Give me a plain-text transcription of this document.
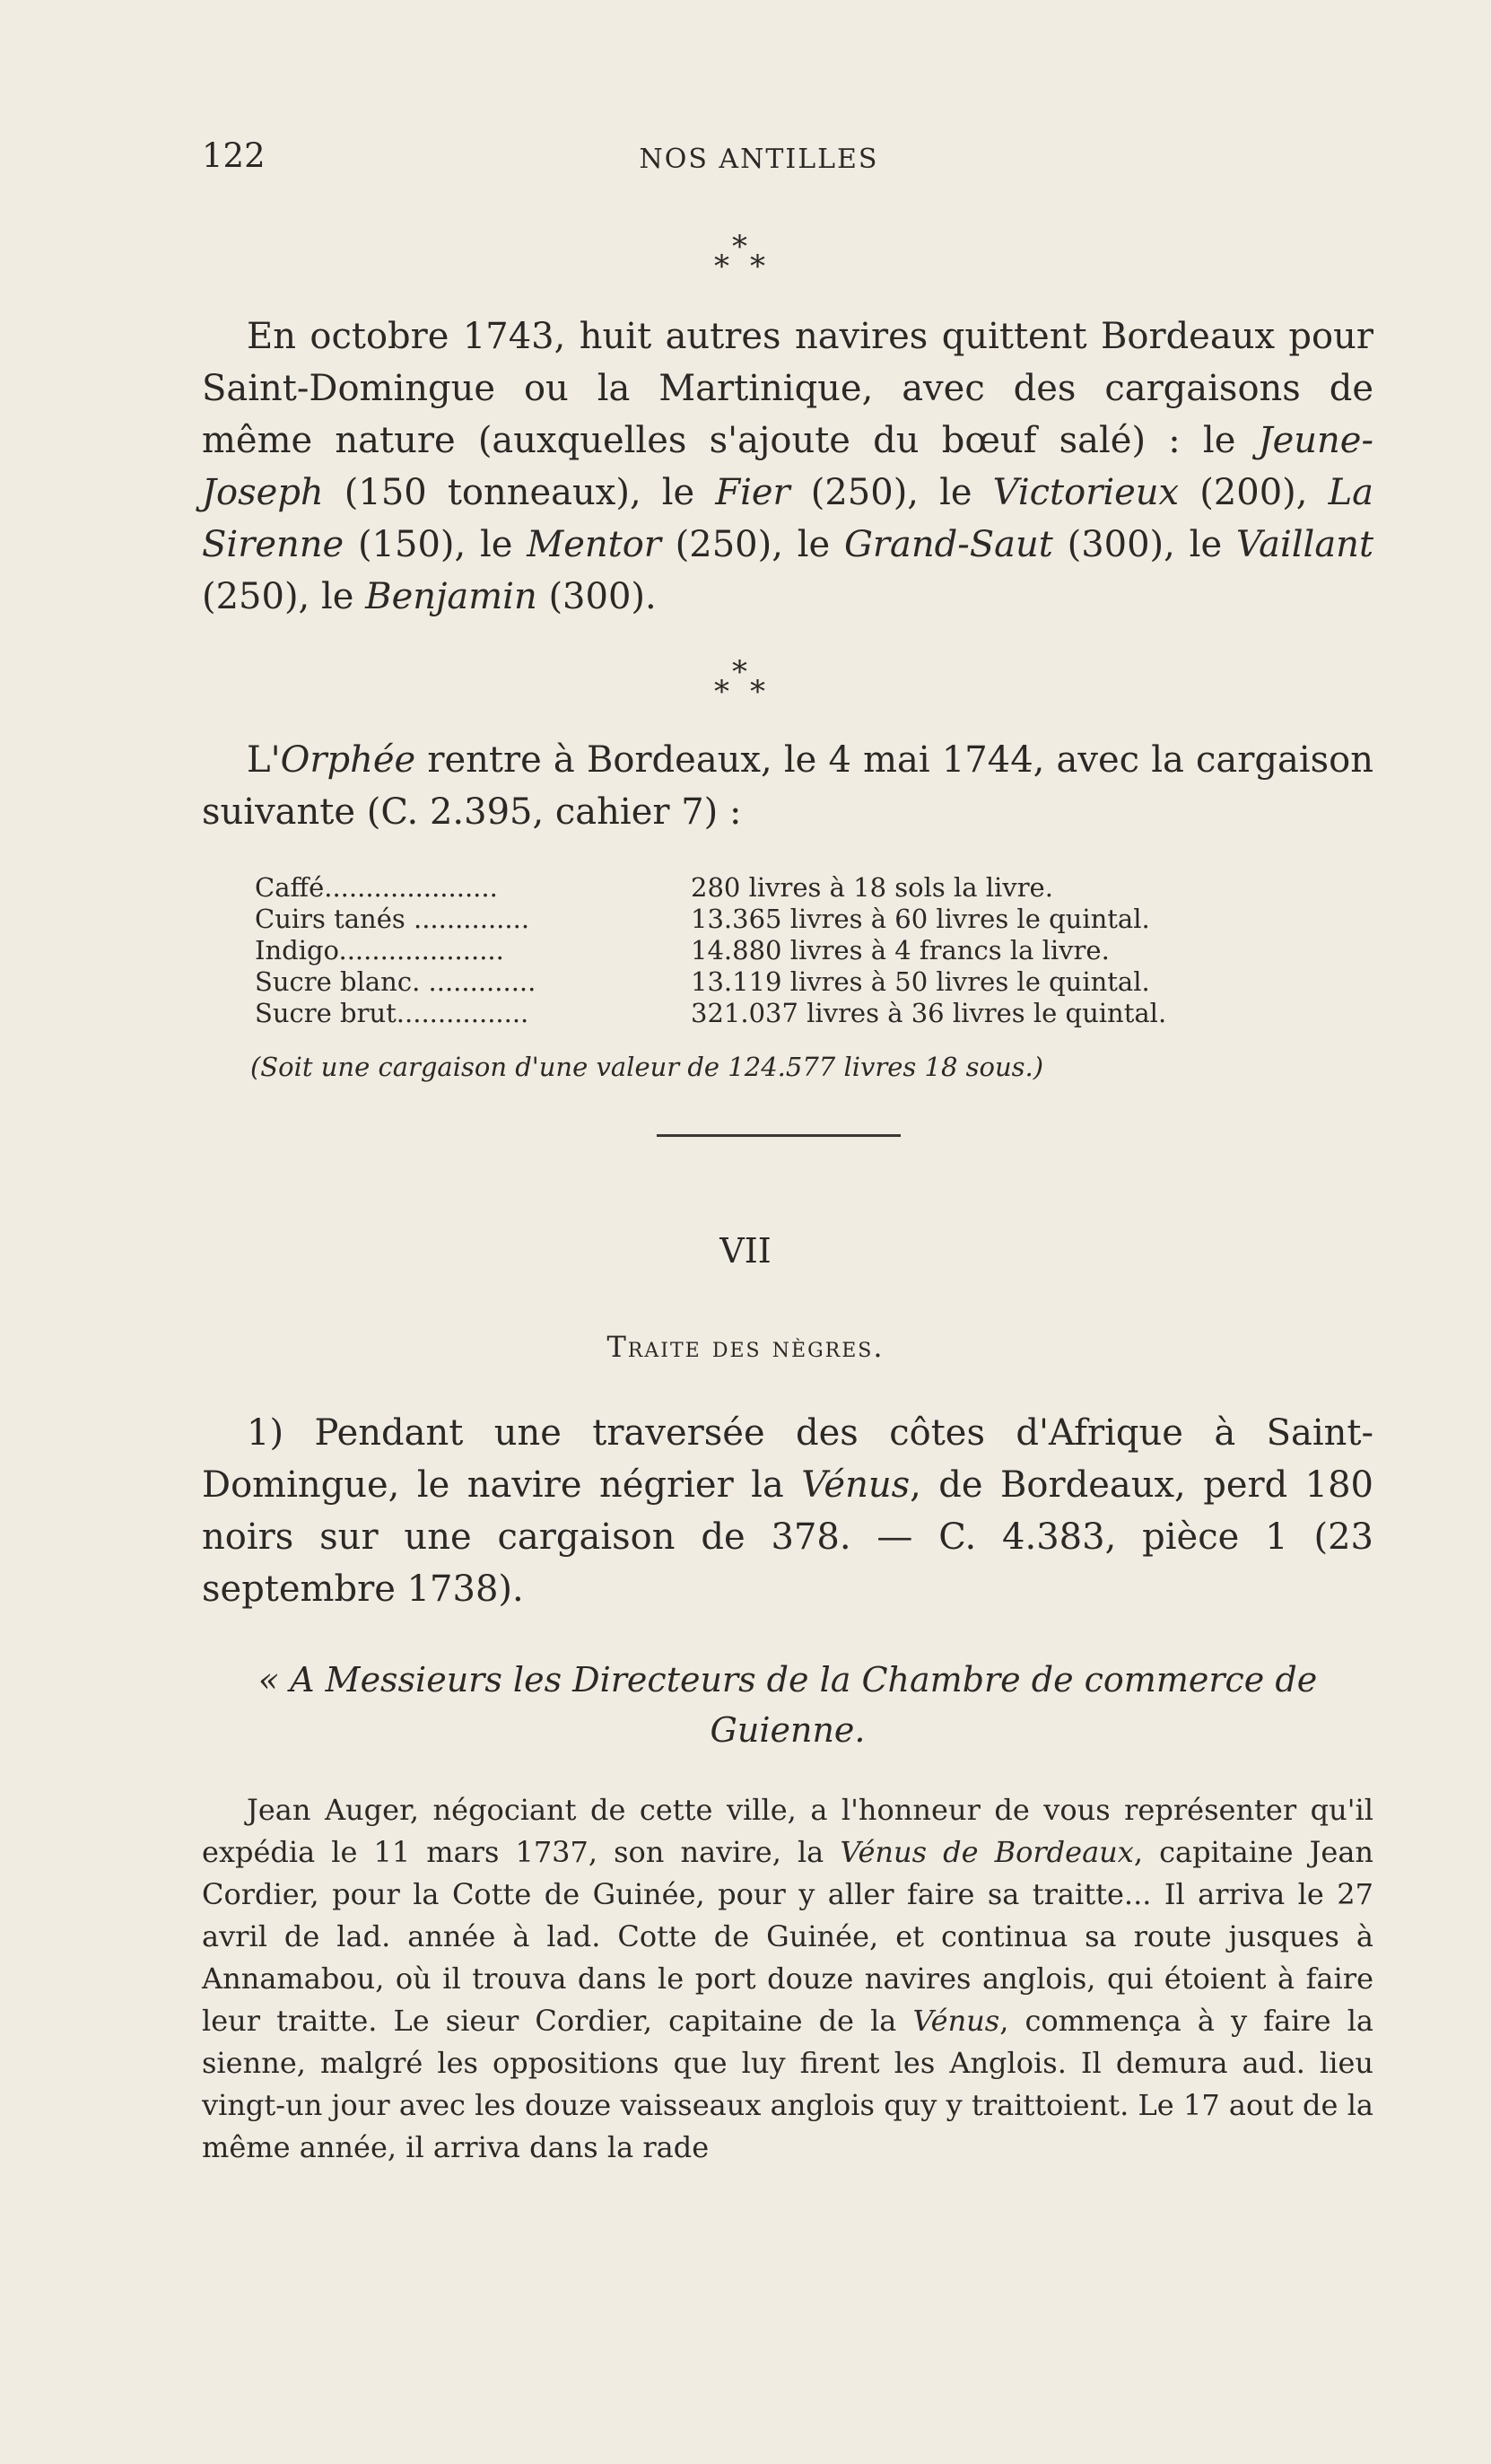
122	NOS ANTILLES
*
* *

En octobre 1743, huit autres navires quittent Bordeaux pour Saint-Domingue ou la Martinique, avec des cargaisons de même nature (auxquelles s'ajoute du bœuf salé) : le Jeune-Joseph (150 tonneaux), le Fier (250), le Victorieux (200), La Sirenne (150), le Mentor (250), le Grand-Saut (300), le Vaillant (250), le Benjamin (300).

*
* *

L'Orphée rentre à Bordeaux, le 4 mai 1744, avec la cargaison suivante (C. 2.395, cahier 7) :

Caffé.....................	280 livres à 18 sols la livre.
Cuirs tanés ..............	13.365 livres à 60 livres le quintal.
Indigo....................	14.880 livres à 4 francs la livre.
Sucre blanc. .............	13.119 livres à 50 livres le quintal.
Sucre brut................	321.037 livres à 36 livres le quintal.
(Soit une cargaison d'une valeur de 124.577 livres 18 sous.)
VII
Traite des nègres.

1) Pendant une traversée des côtes d'Afrique à Saint-Domingue, le navire négrier la Vénus, de Bordeaux, perd 180 noirs sur une cargaison de 378. — C. 4.383, pièce 1 (23 septembre 1738).

« A Messieurs les Directeurs de la Chambre de commerce de Guienne.

Jean Auger, négociant de cette ville, a l'honneur de vous représenter qu'il expédia le 11 mars 1737, son navire, la Vénus de Bordeaux, capitaine Jean Cordier, pour la Cotte de Guinée, pour y aller faire sa traitte... Il arriva le 27 avril de lad. année à lad. Cotte de Guinée, et continua sa route jusques à Annamabou, où il trouva dans le port douze navires anglois, qui étoient à faire leur traitte. Le sieur Cordier, capitaine de la Vénus, commença à y faire la sienne, malgré les oppositions que luy firent les Anglois. Il demura aud. lieu vingt-un jour avec les douze vaisseaux anglois quy y traittoient. Le 17 aout de la même année, il arriva dans la rade
